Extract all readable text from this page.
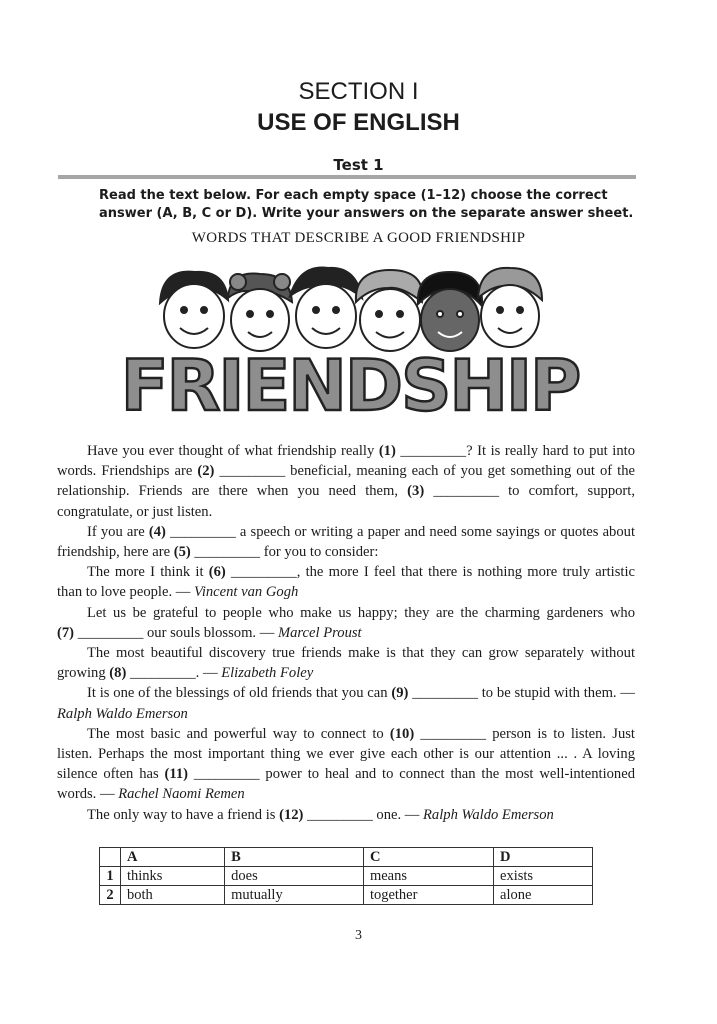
SECTION I
USE OF ENGLISH
Test 1
Read the text below. For each empty space (1–12) choose the correct answer (A, B, C or D). Write your answers on the separate answer sheet.
WORDS THAT DESCRIBE A GOOD FRIENDSHIP
FRIENDSHIP

Have you ever thought of what friendship really (1) _________? It is really hard to put into words. Friendships are (2) _________ beneficial, meaning each of you get something out of the relationship. Friends are there when you need them, (3) _________ to comfort, support, congratulate, or just listen.

If you are (4) _________ a speech or writing a paper and need some sayings or quotes about friendship, here are (5) _________ for you to consider:

The more I think it (6) _________, the more I feel that there is nothing more truly artistic than to love people. — Vincent van Gogh

Let us be grateful to people who make us happy; they are the charming gardeners who (7) _________ our souls blossom. — Marcel Proust

The most beautiful discovery true friends make is that they can grow separately without growing (8) _________. — Elizabeth Foley

It is one of the blessings of old friends that you can (9) _________ to be stupid with them. — Ralph Waldo Emerson

The most basic and powerful way to connect to (10) _________ person is to listen. Just listen. Perhaps the most important thing we ever give each other is our attention ... . A loving silence often has (11) _________ power to heal and to connect than the most well-intentioned words. — Rachel Naomi Remen

The only way to have a friend is (12) _________ one. — Ralph Waldo Emerson

	A	B	C	D
1	thinks	does	means	exists
2	both	mutually	together	alone
3
